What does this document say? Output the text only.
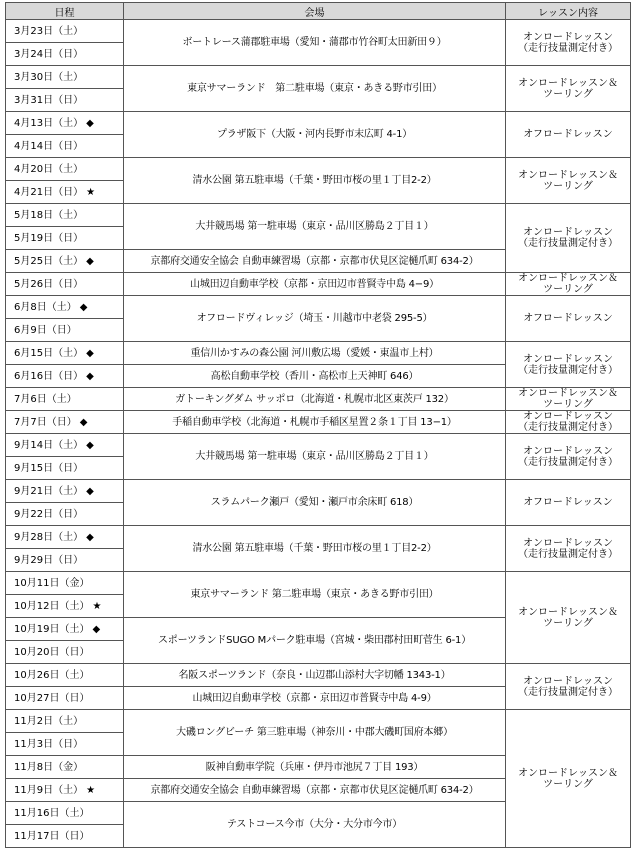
日程	会場	レッスン内容
3月23日（土）	ボートレース蒲郡駐車場（愛知・蒲郡市竹谷町太田新田９）	オンロードレッスン
（走行技量測定付き）

3月24日（日）		
3月30日（土）	東京サマーランド　第二駐車場（東京・あきる野市引田）	オンロードレッスン＆
ツーリング

3月31日（日）		
4月13日（土） ◆	プラザ阪下（大阪・河内長野市末広町 4-1）	オフロードレッスン

4月14日（日）		
4月20日（土）	清水公園 第五駐車場（千葉・野田市桜の里１丁目2-2）	オンロードレッスン＆
ツーリング

4月21日（日） ★		
5月18日（土）	大井競馬場 第一駐車場（東京・品川区勝島２丁目１）	オンロードレッスン
（走行技量測定付き）

5月19日（日）		
5月25日（土） ◆	京都府交通安全協会 自動車練習場（京都・京都市伏見区淀樋爪町 634-2）	
5月26日（日）	山城田辺自動車学校（京都・京田辺市普賢寺中島 4−9）	オンロードレッスン＆
ツーリング

6月8日（土） ◆	オフロードヴィレッジ（埼玉・川越市中老袋 295-5）	オフロードレッスン

6月9日（日）		
6月15日（土） ◆	重信川かすみの森公園 河川敷広場（愛媛・東温市上村）	オンロードレッスン
（走行技量測定付き）

6月16日（日） ◆	高松自動車学校（香川・高松市上天神町 646）	
7月6日（土）	ガトーキングダム サッポロ（北海道・札幌市北区東茨戸 132）	オンロードレッスン＆
ツーリング

7月7日（日） ◆	手稲自動車学校（北海道・札幌市手稲区星置２条１丁目 13−1）	オンロードレッスン
（走行技量測定付き）

9月14日（土） ◆	大井競馬場 第一駐車場（東京・品川区勝島２丁目１）	オンロードレッスン
（走行技量測定付き）

9月15日（日）		
9月21日（土） ◆	スラムパーク瀬戸（愛知・瀬戸市余床町 618）	オフロードレッスン

9月22日（日）		
9月28日（土） ◆	清水公園 第五駐車場（千葉・野田市桜の里１丁目2-2）	オンロードレッスン
（走行技量測定付き）

9月29日（日）		
10月11日（金）	東京サマーランド 第二駐車場（東京・あきる野市引田）	オンロードレッスン＆
ツーリング

10月12日（土） ★		
10月19日（土） ◆	スポーツランドSUGO Mパーク駐車場（宮城・柴田郡村田町菅生 6-1）	
10月20日（日）		
10月26日（土）	名阪スポーツランド（奈良・山辺郡山添村大字切幡 1343-1）	オンロードレッスン
（走行技量測定付き）

10月27日（日）	山城田辺自動車学校（京都・京田辺市普賢寺中島 4-9）	
11月2日（土）	大磯ロングビーチ 第三駐車場（神奈川・中郡大磯町国府本郷）	オンロードレッスン＆
ツーリング

11月3日（日）		
11月8日（金）	阪神自動車学院（兵庫・伊丹市池尻７丁目 193）	
11月9日（土） ★	京都府交通安全協会 自動車練習場（京都・京都市伏見区淀樋爪町 634-2）	
11月16日（土）	テストコース今市（大分・大分市今市）	
11月17日（日）		
